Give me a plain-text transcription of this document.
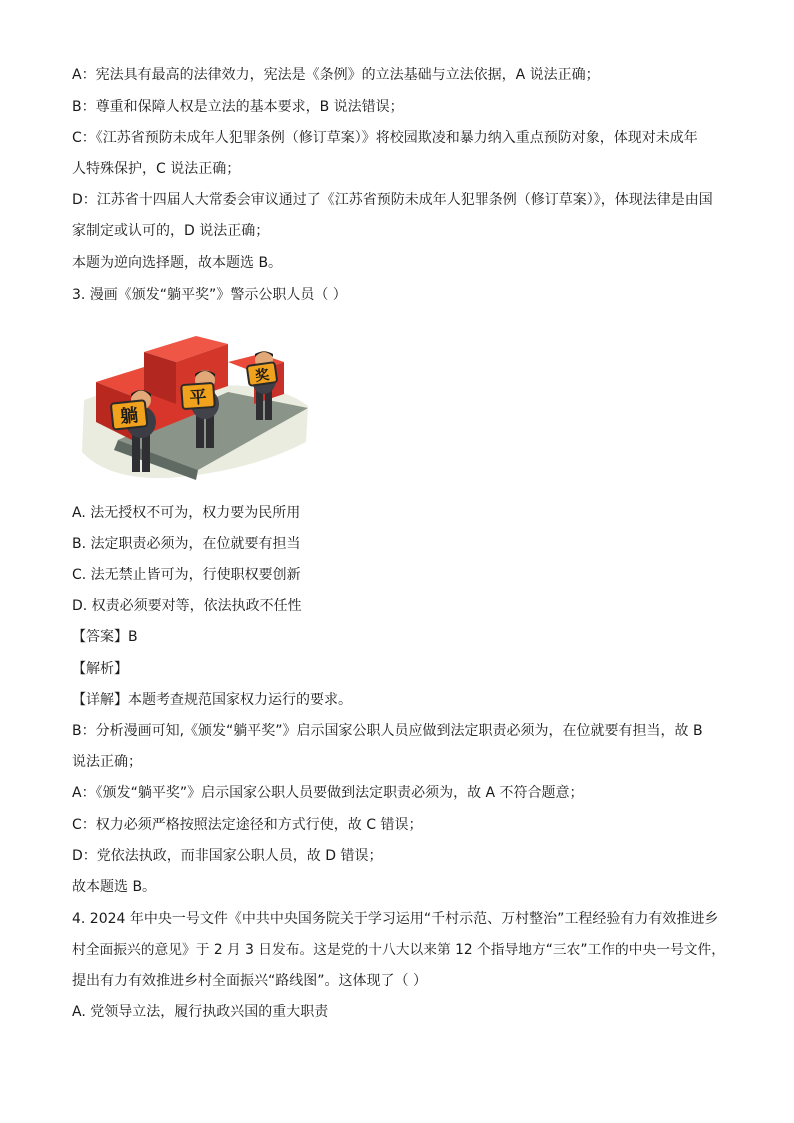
A：宪法具有最高的法律效力，宪法是《条例》的立法基础与立法依据，A 说法正确；
B：尊重和保障人权是立法的基本要求，B 说法错误；
C：《江苏省预防未成年人犯罪条例（修订草案）》将校园欺凌和暴力纳入重点预防对象，体现对未成年
人特殊保护，C 说法正确；
D：江苏省十四届人大常委会审议通过了《江苏省预防未成年人犯罪条例（修订草案）》，体现法律是由国
家制定或认可的，D 说法正确；
本题为逆向选择题，故本题选 B。
3. 漫画《颁发“躺平奖”》警示公职人员（ ）
躺
平
奖
A. 法无授权不可为，权力要为民所用
B. 法定职责必须为，在位就要有担当
C. 法无禁止皆可为，行使职权要创新
D. 权责必须要对等，依法执政不任性
【答案】B
【解析】
【详解】本题考查规范国家权力运行的要求。
B：分析漫画可知,《颁发“躺平奖”》启示国家公职人员应做到法定职责必须为，在位就要有担当，故 B
说法正确；
A：《颁发“躺平奖”》启示国家公职人员要做到法定职责必须为，故 A 不符合题意；
C：权力必须严格按照法定途径和方式行使，故 C 错误；
D：党依法执政，而非国家公职人员，故 D 错误；
故本题选 B。
4. 2024 年中央一号文件《中共中央国务院关于学习运用“千村示范、万村整治”工程经验有力有效推进乡
村全面振兴的意见》于 2 月 3 日发布。这是党的十八大以来第 12 个指导地方“三农”工作的中央一号文件，
提出有力有效推进乡村全面振兴“路线图”。这体现了（ ）
A. 党领导立法，履行执政兴国的重大职责
